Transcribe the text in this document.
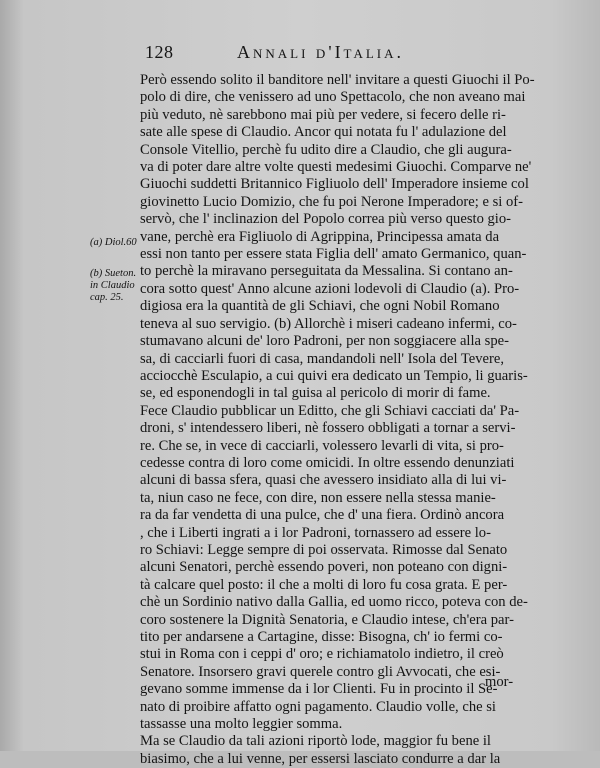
128	Annali d'Italia.
(a) Diol.60
(b) Sueton.
in Claudio
cap. 25.
Però essendo solito il banditore nell' invitare a questi Giuochi il Po-
polo di dire, che venissero ad uno Spettacolo, che non aveano mai
più veduto, nè sarebbono mai più per vedere, si fecero delle ri-
sate alle spese di Claudio. Ancor qui notata fu l' adulazione del
Console Vitellio, perchè fu udito dire a Claudio, che gli augura-
va di poter dare altre volte questi medesimi Giuochi. Comparve ne'
Giuochi suddetti Britannico Figliuolo dell' Imperadore insieme col
giovinetto Lucio Domizio, che fu poi Nerone Imperadore; e si of-
servò, che l' inclinazion del Popolo correa più verso questo gio-
vane, perchè era Figliuolo di Agrippina, Principessa amata da
essi non tanto per essere stata Figlia dell' amato Germanico, quan-
to perchè la miravano perseguitata da Messalina. Si contano an-
cora sotto quest' Anno alcune azioni lodevoli di Claudio (a). Pro-
digiosa era la quantità de gli Schiavi, che ogni Nobil Romano
teneva al suo servigio. (b) Allorchè i miseri cadeano infermi, co-
stumavano alcuni de' loro Padroni, per non soggiacere alla spe-
sa, di cacciarli fuori di casa, mandandoli nell' Isola del Tevere,
acciocchè Esculapio, a cui quivi era dedicato un Tempio, li guaris-
se, ed esponendogli in tal guisa al pericolo di morir di fame.
Fece Claudio pubblicar un Editto, che gli Schiavi cacciati da' Pa-
droni, s' intendessero liberi, nè fossero obbligati a tornar a servi-
re. Che se, in vece di cacciarli, volessero levarli di vita, si pro-
cedesse contra di loro come omicidi. In oltre essendo denunziati
alcuni di bassa sfera, quasi che avessero insidiato alla di lui vi-
ta, niun caso ne fece, con dire, non essere nella stessa manie-
ra da far vendetta di una pulce, che d' una fiera. Ordinò ancora
, che i Liberti ingrati a i lor Padroni, tornassero ad essere lo-
ro Schiavi: Legge sempre di poi osservata. Rimosse dal Senato
alcuni Senatori, perchè essendo poveri, non poteano con digni-
tà calcare quel posto: il che a molti di loro fu cosa grata. E per-
chè un Sordinio nativo dalla Gallia, ed uomo ricco, poteva con de-
coro sostenere la Dignità Senatoria, e Claudio intese, ch'era par-
tito per andarsene a Cartagine, disse: Bisogna, ch' io fermi co-
stui in Roma con i ceppi d' oro; e richiamatolo indietro, il creò
Senatore. Insorsero gravi querele contro gli Avvocati, che esi-
gevano somme immense da i lor Clienti. Fu in procinto il Se-
nato di proibire affatto ogni pagamento. Claudio volle, che si
tassasse una molto leggier somma.
Ma se Claudio da tali azioni riportò lode, maggior fu bene il
biasimo, che a lui venne, per essersi lasciato condurre a dar la
mor-
